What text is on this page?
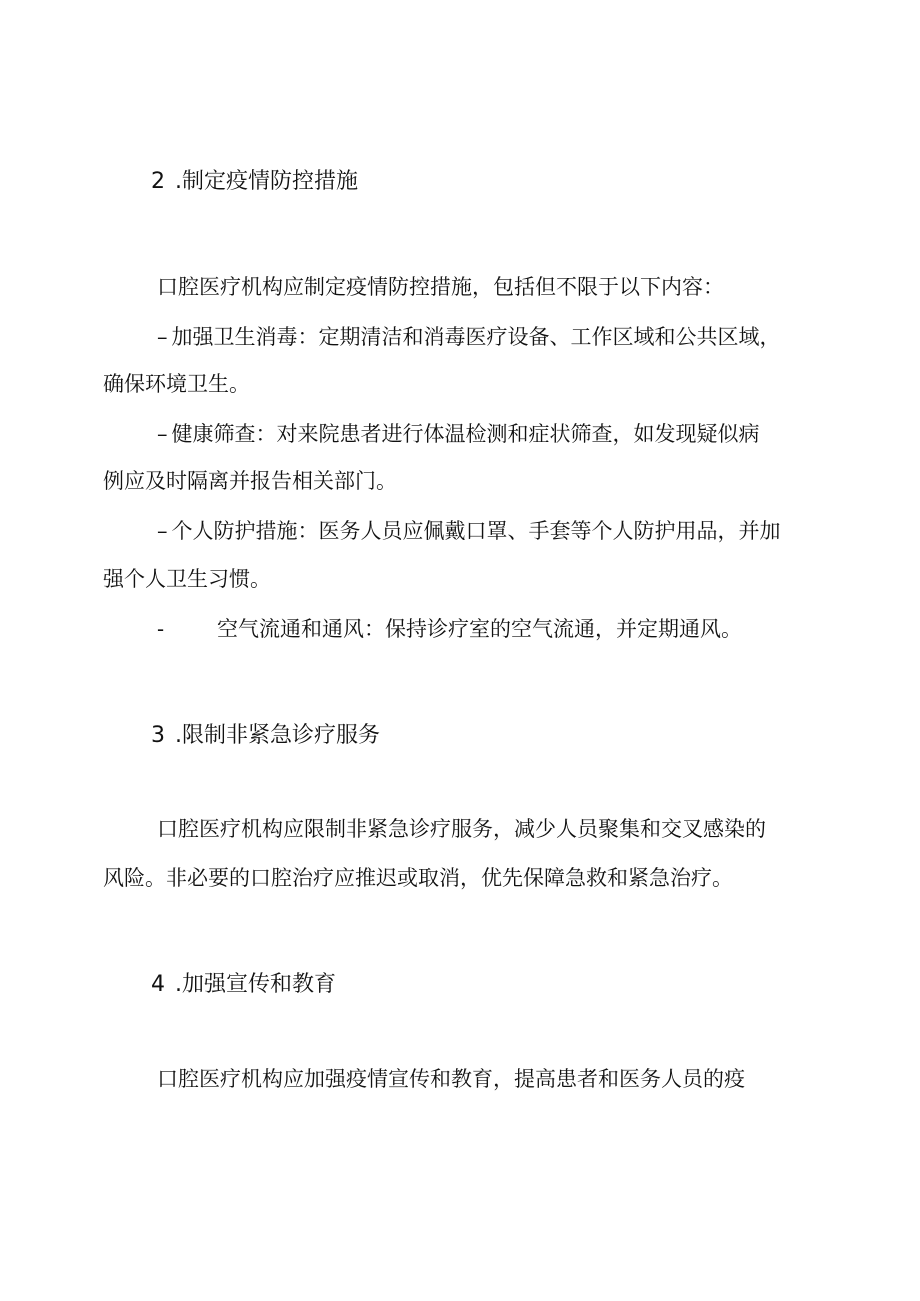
2 .制定疫情防控措施
口腔医疗机构应制定疫情防控措施，包括但不限于以下内容：
– 加强卫生消毒：定期清洁和消毒医疗设备、工作区域和公共区域，
确保环境卫生。
– 健康筛查：对来院患者进行体温检测和症状筛查，如发现疑似病
例应及时隔离并报告相关部门。
– 个人防护措施：医务人员应佩戴口罩、手套等个人防护用品，并加
强个人卫生习惯。
-	空气流通和通风：保持诊疗室的空气流通，并定期通风。
3 .限制非紧急诊疗服务
口腔医疗机构应限制非紧急诊疗服务，减少人员聚集和交叉感染的
风险。非必要的口腔治疗应推迟或取消，优先保障急救和紧急治疗。
4 .加强宣传和教育
口腔医疗机构应加强疫情宣传和教育，提高患者和医务人员的疫
